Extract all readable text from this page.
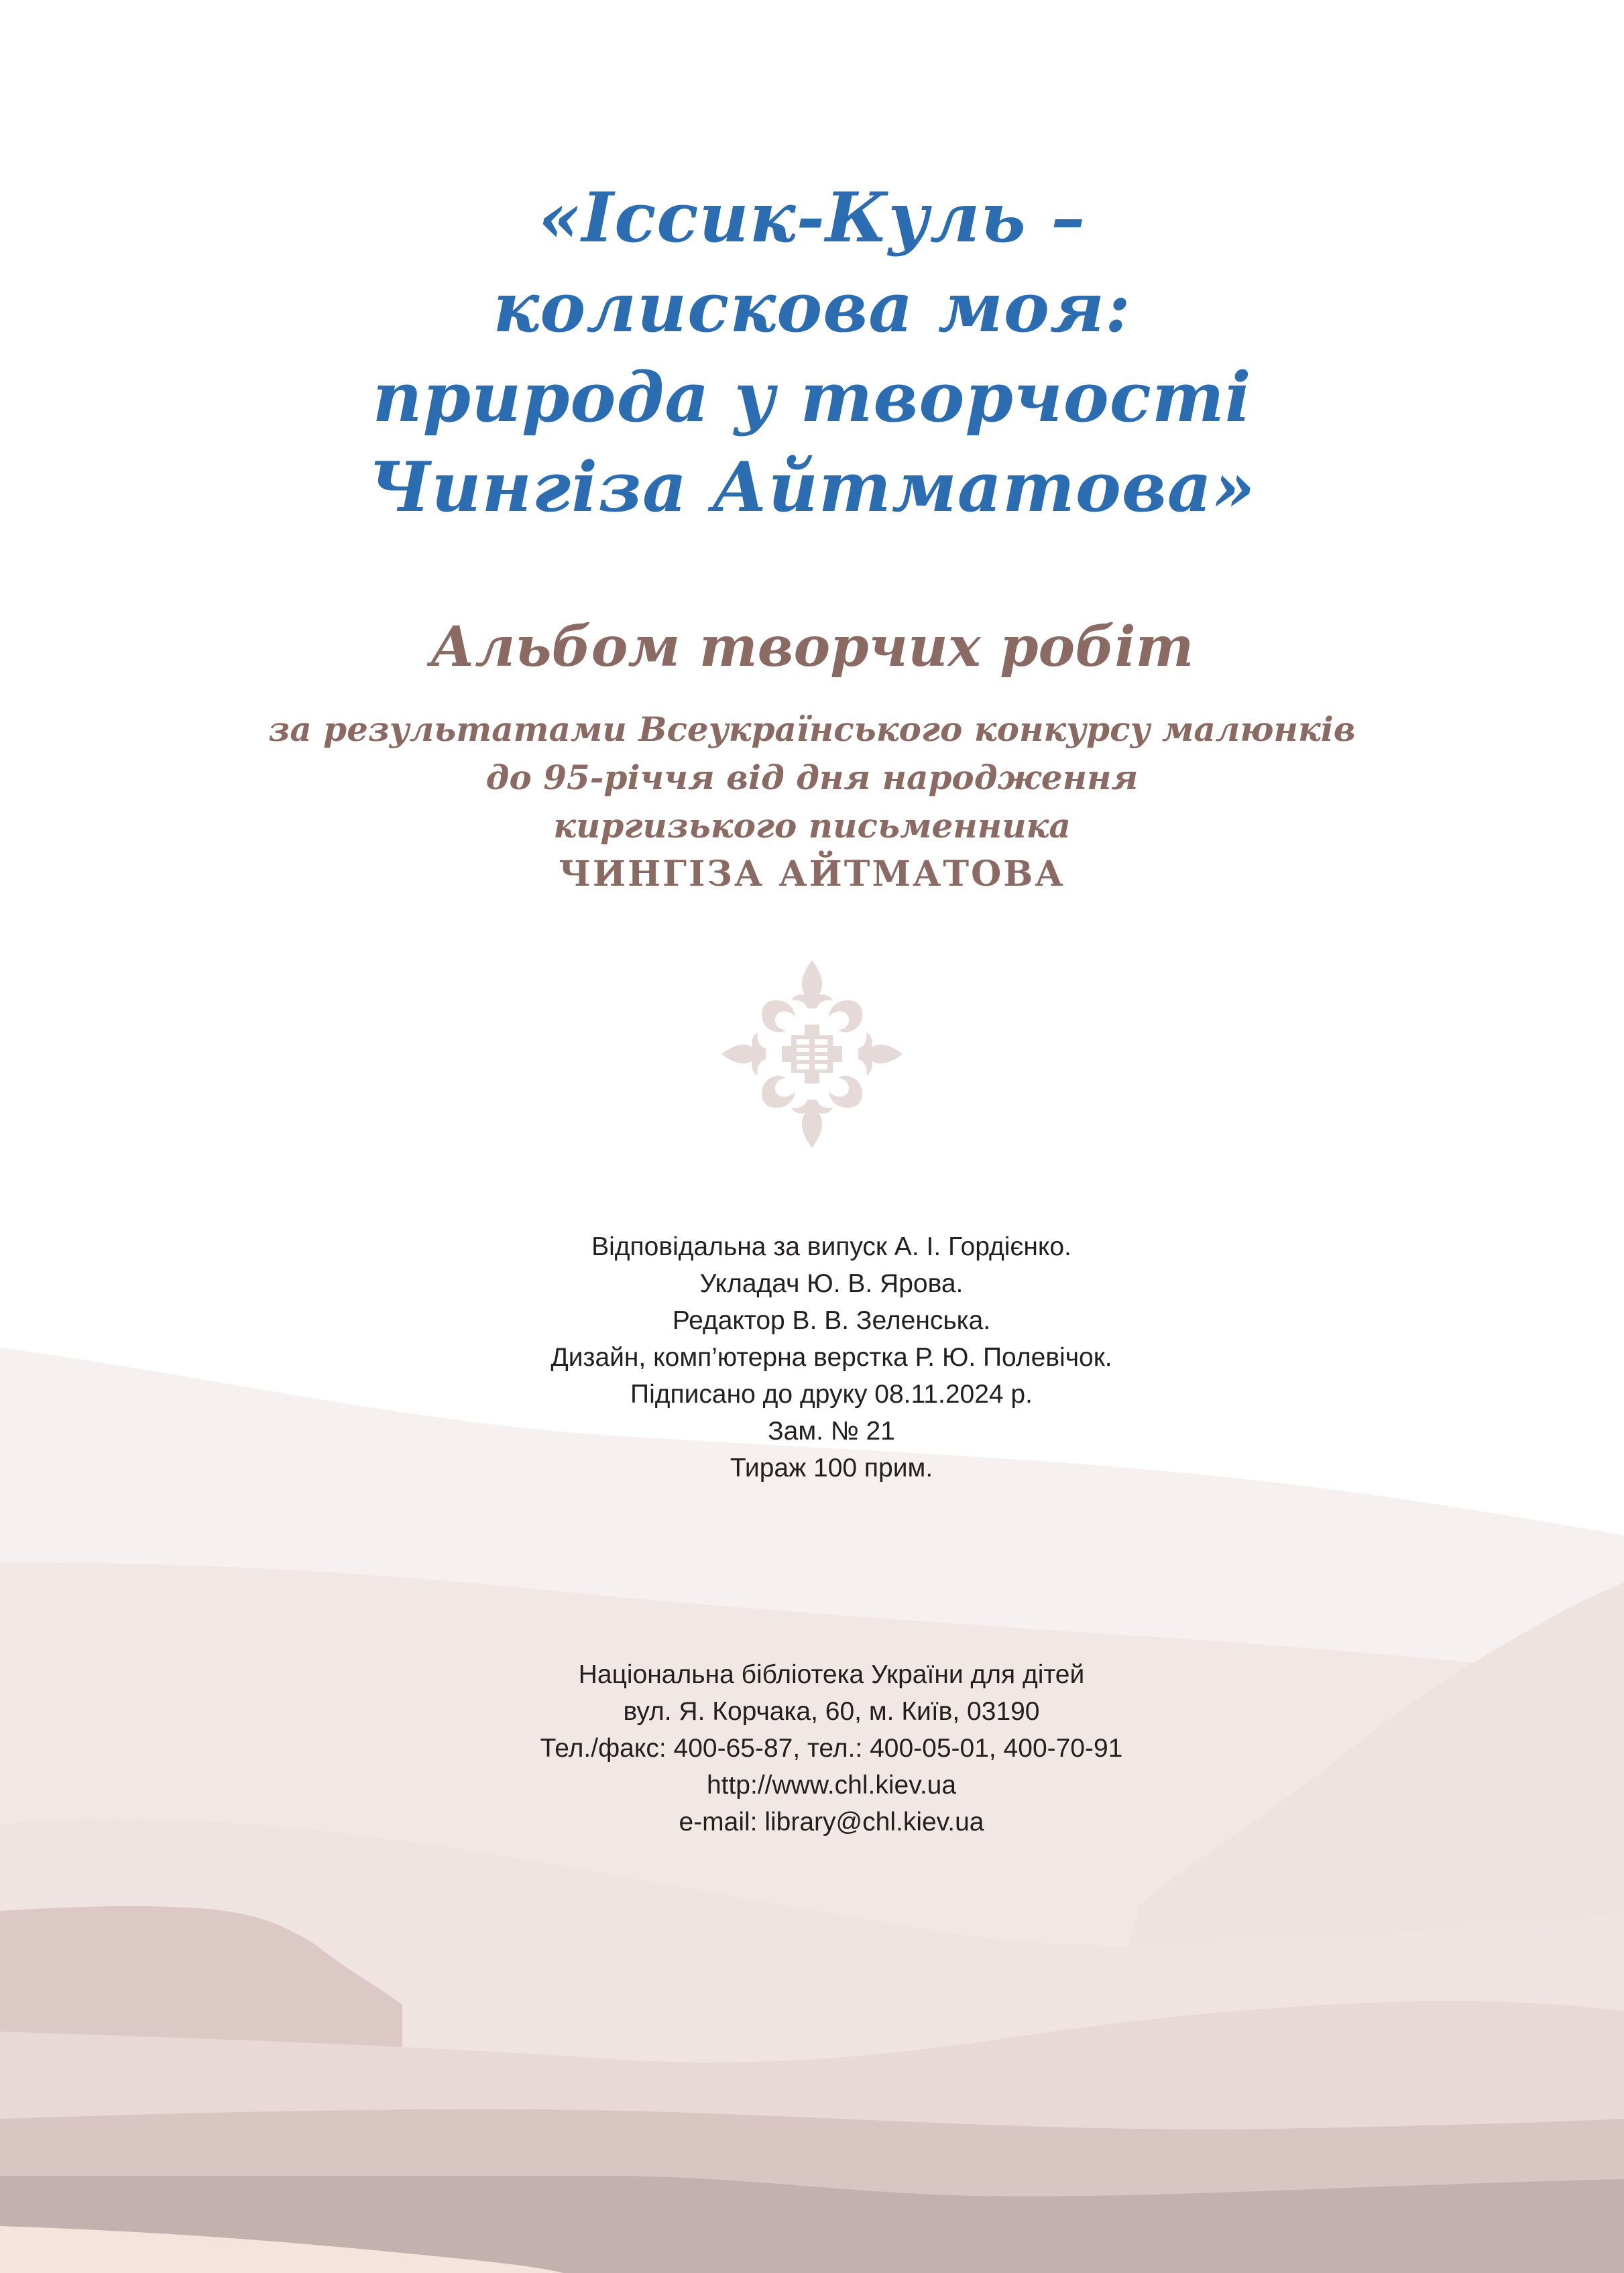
«Іссик-Куль –
колискова моя:
природа у творчості
Чингіза Айтматова»
Альбом творчих робіт
за результатами Всеукраїнського конкурсу малюнків
до 95-річчя від дня народження
киргизького письменника
ЧИНГІЗА АЙТМАТОВА
Відповідальна за випуск А. І. Гордієнко.
Укладач Ю. В. Ярова.
Редактор В. В. Зеленська.
Дизайн, комп’ютерна верстка Р. Ю. Полевічок.
Підписано до друку 08.11.2024 р.
Зам. № 21
Тираж 100 прим.
Національна бібліотека України для дітей
вул. Я. Корчака, 60, м. Київ, 03190
Тел./факс: 400-65-87, тел.: 400-05-01, 400-70-91
http://www.chl.kiev.ua
e-mail: library@chl.kiev.ua
